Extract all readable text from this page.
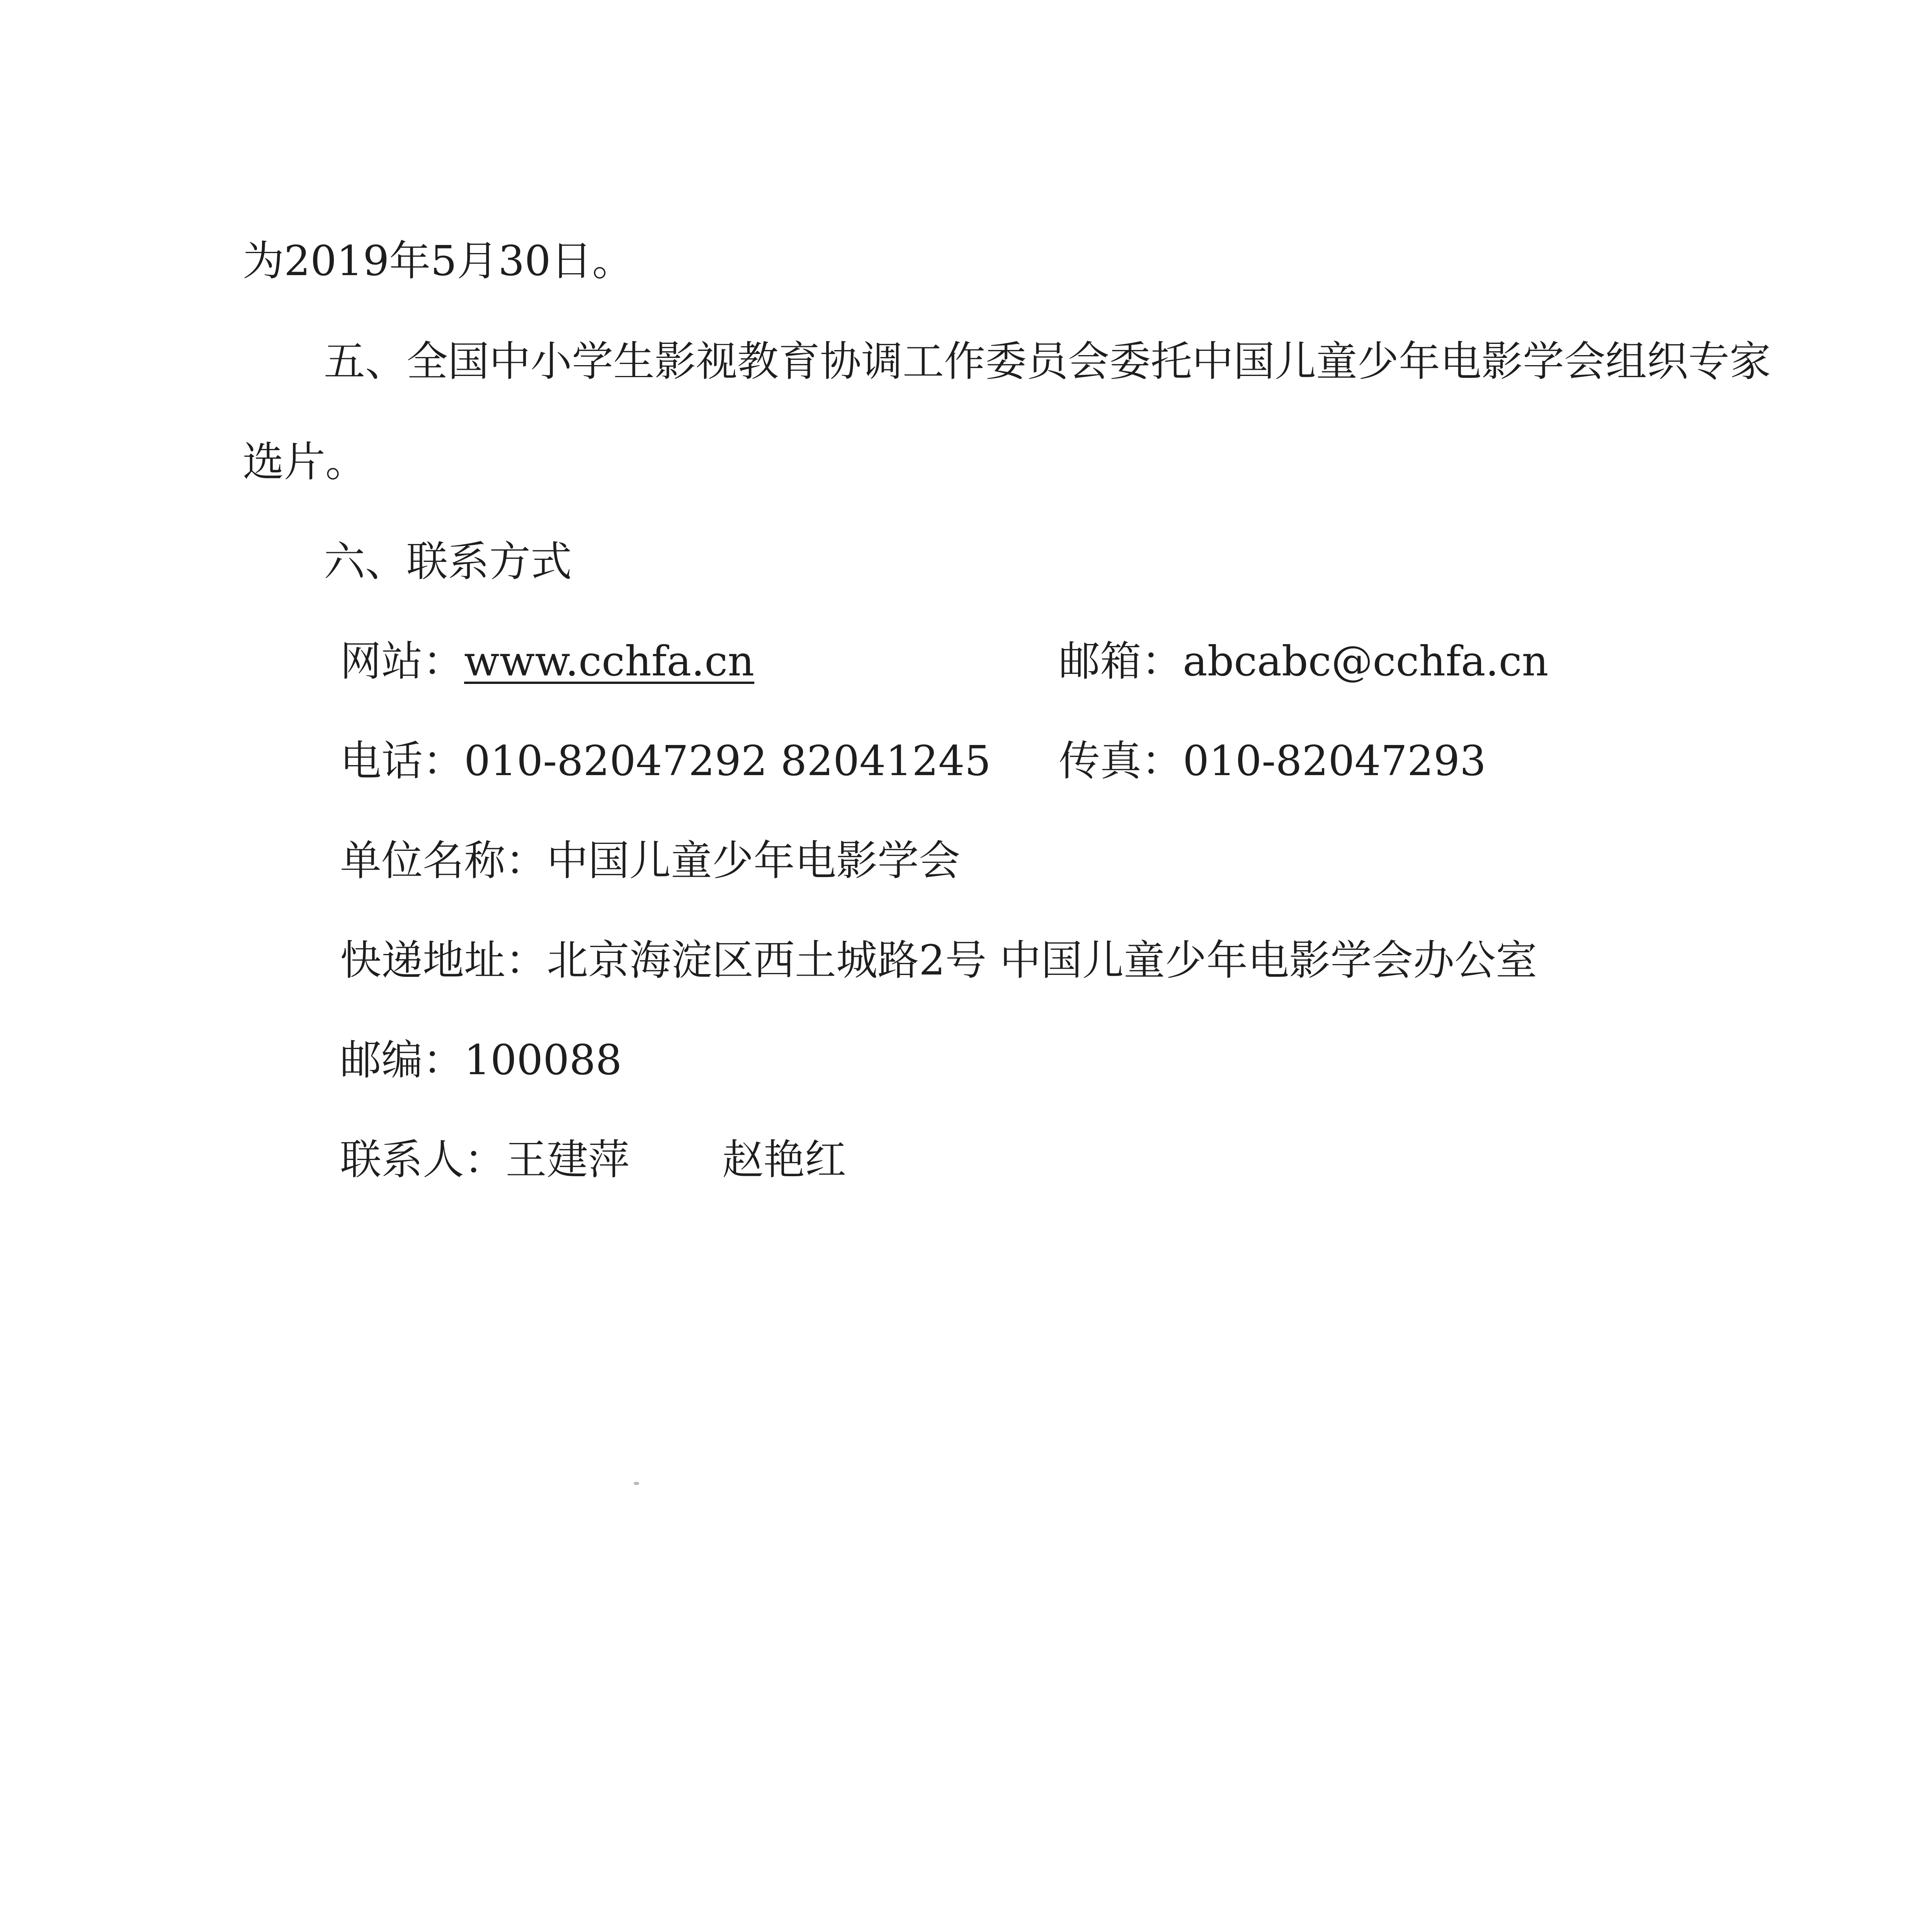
为2019年5月30日。
五、全国中小学生影视教育协调工作委员会委托中国儿童少年电影学会组织专家
选片。
六、联系方式
网站：www.cchfa.cn	邮箱：abcabc@cchfa.cn
电话：010-82047292 82041245 传真：010-82047293
单位名称：中国儿童少年电影学会
快递地址：北京海淀区西土城路2号 中国儿童少年电影学会办公室
邮编：100088
联系人：王建萍 赵艳红
